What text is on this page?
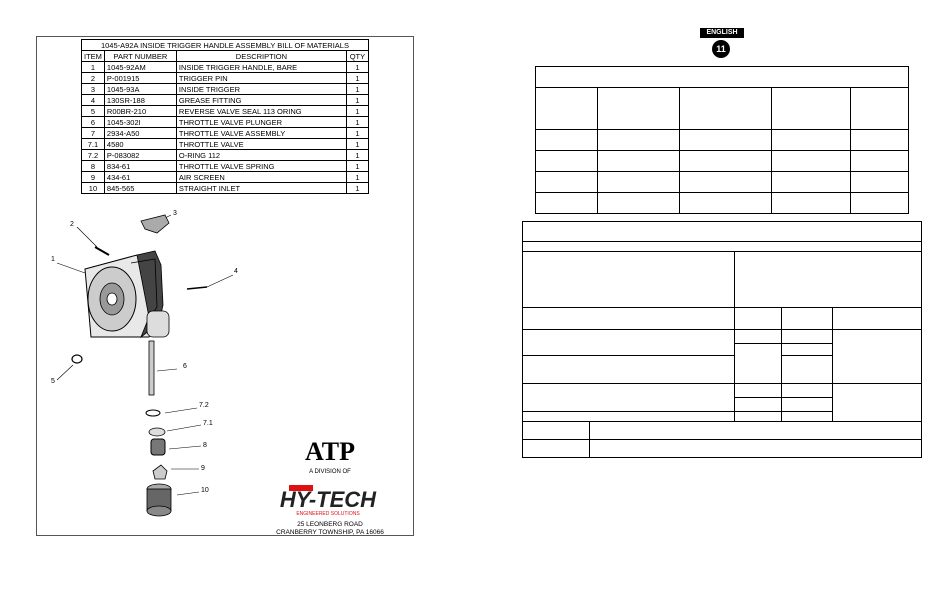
1045-A92A INSIDE TRIGGER HANDLE ASSEMBLY BILL OF MATERIALS			
ITEM	PART NUMBER	DESCRIPTION	QTY
1	1045-92AM	INSIDE TRIGGER HANDLE, BARE	1
2	P-001915	TRIGGER PIN	1
3	1045-93A	INSIDE TRIGGER	1
4	130SR-188	GREASE FITTING	1
5	R00BR-210	REVERSE VALVE SEAL 113 ORING	1
6	1045-302I	THROTTLE VALVE PLUNGER	1
7	2934-A50	THROTTLE VALVE ASSEMBLY	1
7.1	4580	THROTTLE VALVE	1
7.2	P-083082	O-RING 112	1
8	834-61	THROTTLE VALVE SPRING	1
9	434-61	AIR SCREEN	1
10	845-565	STRAIGHT INLET	1
1
2
3
4
5
6
7.2
7.1
8
9
10
ATP
A DIVISION OF
HY-TECH
ENGINEERED SOLUTIONS
25 LEONBERG ROAD
CRANBERRY TOWNSHIP, PA 16066
ENGLISH
11
